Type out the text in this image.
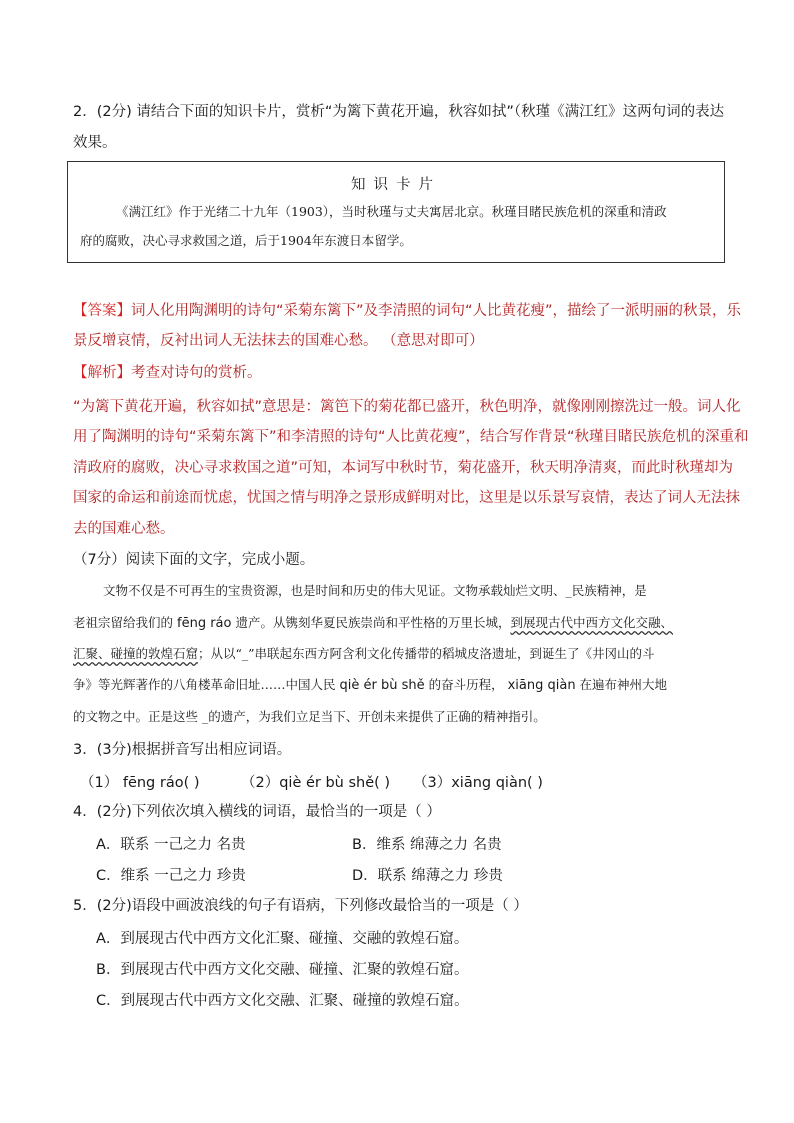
2．(2分) 请结合下面的知识卡片，赏析“为篱下黄花开遍，秋容如拭”（秋瑾《满江红》这两句词的表达
效果。
知识卡片
《满江红》作于光绪二十九年（1903），当时秋瑾与丈夫寓居北京。秋瑾目睹民族危机的深重和清政
府的腐败，决心寻求救国之道，后于1904年东渡日本留学。
【答案】词人化用陶渊明的诗句“采菊东篱下”及李清照的词句“人比黄花瘦”，描绘了一派明丽的秋景，乐
景反增哀情，反衬出词人无法抹去的国难心愁。 （意思对即可）
【解析】考查对诗句的赏析。
“为篱下黄花开遍，秋容如拭”意思是：篱笆下的菊花都已盛开，秋色明净，就像刚刚擦洗过一般。词人化
用了陶渊明的诗句“采菊东篱下”和李清照的诗句“人比黄花瘦”，结合写作背景“秋瑾目睹民族危机的深重和
清政府的腐败，决心寻求救国之道”可知，本词写中秋时节，菊花盛开，秋天明净清爽，而此时秋瑾却为
国家的命运和前途而忧虑，忧国之情与明净之景形成鲜明对比，这里是以乐景写哀情，表达了词人无法抹
去的国难心愁。
（7分）阅读下面的文字，完成小题。
文物不仅是不可再生的宝贵资源，也是时间和历史的伟大见证。文物承载灿烂文明、_民族精神，是
老祖宗留给我们的 fēng ráo 遗产。从镌刻华夏民族崇尚和平性格的万里长城，到展现古代中西方文化交融、
汇聚、碰撞的敦煌石窟；从以“_”串联起东西方阿含利文化传播带的稻城皮洛遗址，到诞生了《井冈山的斗
争》等光辉著作的八角楼革命旧址……中国人民 qiè ér bù shě 的奋斗历程， xiāng qiàn 在遍布神州大地
的文物之中。正是这些 _的遗产，为我们立足当下、开创未来提供了正确的精神指引。
3．(3分)根据拼音写出相应词语。
（1） fēng ráo( )	（2）qiè ér bù shě( ) （3）xiāng qiàn( )
4．(2分)下列依次填入横线的词语，最恰当的一项是（ ）
A．联系 一己之力 名贵	B．维系 绵薄之力 名贵
C．维系 一己之力 珍贵	D．联系 绵薄之力 珍贵
5．(2分)语段中画波浪线的句子有语病，下列修改最恰当的一项是（ ）
A．到展现古代中西方文化汇聚、碰撞、交融的敦煌石窟。
B．到展现古代中西方文化交融、碰撞、汇聚的敦煌石窟。
C．到展现古代中西方文化交融、汇聚、碰撞的敦煌石窟。
